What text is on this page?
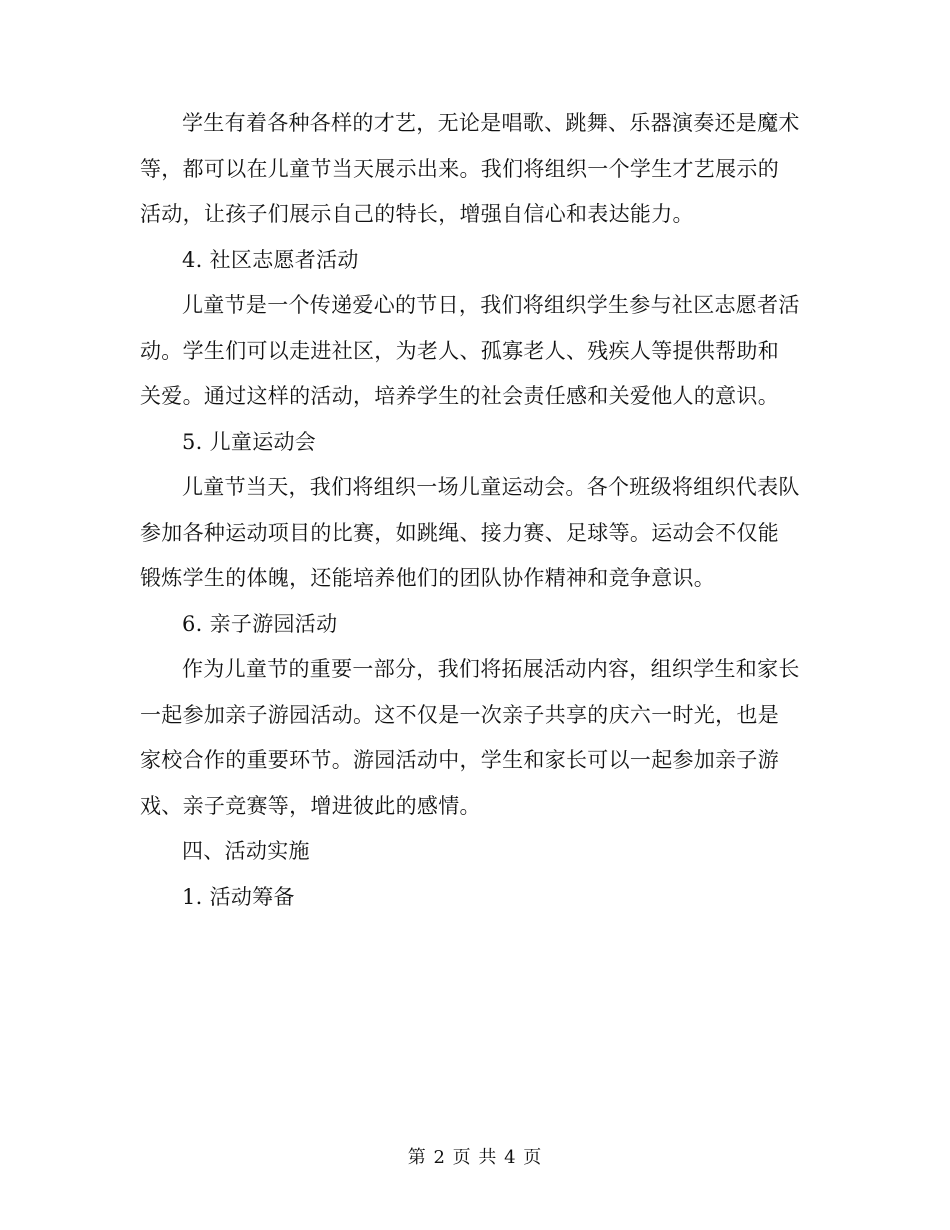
学生有着各种各样的才艺，无论是唱歌、跳舞、乐器演奏还是魔术等，都可以在儿童节当天展示出来。我们将组织一个学生才艺展示的活动，让孩子们展示自己的特长，增强自信心和表达能力。

4. 社区志愿者活动

儿童节是一个传递爱心的节日，我们将组织学生参与社区志愿者活动。学生们可以走进社区，为老人、孤寡老人、残疾人等提供帮助和关爱。通过这样的活动，培养学生的社会责任感和关爱他人的意识。

5. 儿童运动会

儿童节当天，我们将组织一场儿童运动会。各个班级将组织代表队参加各种运动项目的比赛，如跳绳、接力赛、足球等。运动会不仅能锻炼学生的体魄，还能培养他们的团队协作精神和竞争意识。

6. 亲子游园活动

作为儿童节的重要一部分，我们将拓展活动内容，组织学生和家长一起参加亲子游园活动。这不仅是一次亲子共享的庆六一时光，也是家校合作的重要环节。游园活动中，学生和家长可以一起参加亲子游戏、亲子竞赛等，增进彼此的感情。

四、活动实施

1. 活动筹备

第 2 页 共 4 页
